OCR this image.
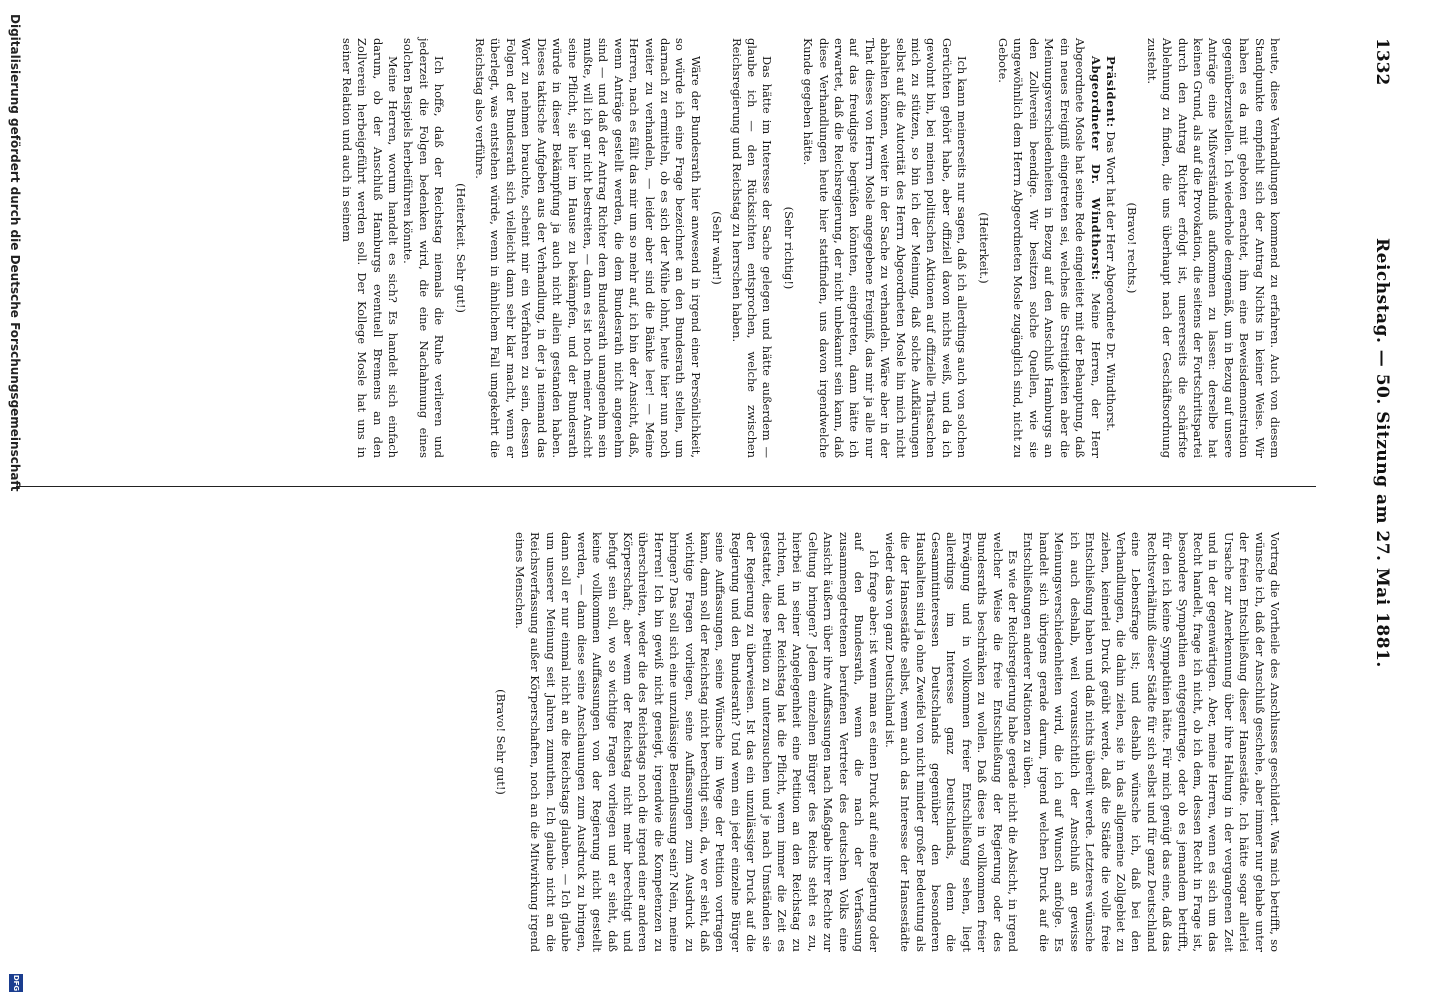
1332
Reichstag. — 50. Sitzung am 27. Mai 1881.

heute, diese Verhandlungen kommend zu erfahren. Auch von diesem Standpunkte empfiehlt sich der Antrag Nichts in keiner Weise. Wir haben es da mit geboten erachtet, ihm eine Beweisdemonstration gegenüberzustellen. Ich wiederhole demgemäß, um in Bezug auf unsere Anträge eine Mißverständniß aufkommen zu lassen: derselbe hat keinen Grund, als auf die Provokation, die seitens der Fortschrittspartei durch den Antrag Richter erfolgt ist, unsererseits die schärfste Ablehnung zu finden, die uns überhaupt nach der Geschäftsordnung zusteht.

(Bravo! rechts.)

Präsident: Das Wort hat der Herr Abgeordnete Dr. Windthorst.

Abgeordneter Dr. Windthorst: Meine Herren, der Herr Abgeordnete Mosle hat seine Rede eingeleitet mit der Behauptung, daß ein neues Ereigniß eingetreten sei, welches die Streitigkeiten aber die Meinungsverschiedenheiten in Bezug auf den Anschluß Hamburgs an den Zollverein beendige. Wir besitzen solche Quellen, wie sie ungewöhnlich dem Herrn Abgeordneten Mosle zugänglich sind, nicht zu Gebote.

(Heiterkeit.)

Ich kann meinerseits nur sagen, daß ich allerdings auch von solchen Gerüchten gehört habe, aber offiziell davon nichts weiß, und da ich gewohnt bin, bei meinen politischen Aktionen auf offizielle Thatsachen mich zu stützen, so bin ich der Meinung, daß solche Aufklärungen selbst auf die Autorität des Herrn Abgeordneten Mosle hin mich nicht abhalten können, weiter in der Sache zu verhandeln. Wäre aber in der That dieses von Herrn Mosle angegebene Ereigniß, das mir ja alle nur auf das freudigste begrüßen könnten, eingetreten, dann hätte ich erwartet, daß die Reichsregierung, der nicht unbekannt sein kann, daß diese Verhandlungen heute hier stattfinden, uns davon irgendwelche Kunde gegeben hätte.

(Sehr richtig!)

Das hätte im Interesse der Sache gelegen und hätte außerdem — glaube ich — den Rücksichten entsprochen, welche zwischen Reichsregierung und Reichstag zu herrschen haben.

(Sehr wahr!)

Wäre der Bundesrath hier anwesend in irgend einer Persönlichkeit, so würde ich eine Frage bezeichnet an den Bundesrath stellen, um darnach zu ermitteln, ob es sich der Mühe lohnt, heute hier nun noch weiter zu verhandeln, — leider aber sind die Bänke leer! — Meine Herren, nach es fällt das mir um so mehr auf, ich bin der Ansicht, daß, wenn Anträge gestellt werden, die dem Bundesrath nicht angenehm sind — und daß der Antrag Richter dem Bundesrath unangenehm sein mußte, will ich gar nicht bestreiten, — dann es ist noch meiner Ansicht seine Pflicht, sie hier im Hause zu bekämpfen, und der Bundesrath würde in dieser Bekämpfung ja auch nicht allein gestanden haben. Dieses taktische Aufgeben aus der Verhandlung, in der ja niemand das Wort zu nehmen brauchte, scheint mir ein Verfahren zu sein, dessen Folgen der Bundesrath sich vielleicht dann sehr klar macht, wenn er überlegt, was entstehen würde, wenn in ähnlichem Fall umgekehrt die Reichstag also verführe.

(Heiterkeit. Sehr gut!)

Ich hoffe, daß der Reichstag niemals die Ruhe verlieren und jederzeit die Folgen bedenken wird, die eine Nachahmung eines solchen Beispiels herbeiführen könnte.

Meine Herren, worum handelt es sich? Es handelt sich einfach darum, ob der Anschluß Hamburgs eventuell Bremens an den Zollverein herbeigeführt werden soll. Der Kollege Mosle hat uns in seiner Relation und auch in seinem

Vortrag die Vortheile des Anschlusses geschildert. Was mich betrifft, so wünsche ich, daß der Anschluß geschehe, aber immer nur gehabe unter der freien Entschließung dieser Hansestädte. Ich hätte sogar allerlei Ursache zur Anerkennung über ihre Haltung in der vergangenen Zeit und in der gegenwärtigen. Aber, meine Herren, wenn es sich um das Recht handelt, frage ich nicht, ob ich dem, dessen Recht in Frage ist, besondere Sympathien entgegentrage, oder ob es jemandem betrifft, für den ich keine Sympathien hätte. Für mich genügt das eine, daß das Rechtsverhältniß dieser Städte für sich selbst und für ganz Deutschland eine Lebensfrage ist; und deshalb wünsche ich, daß bei den Verhandlungen, die dahin zielen, sie in das allgemeine Zollgebiet zu ziehen, keinerlei Druck geübt werde, daß die Städte die volle freie Entschließung haben und daß nichts übereilt werde. Letzteres wünsche ich auch deshalb, weil voraussichtlich der Anschluß an gewisse Meinungsverschiedenheiten wird, die ich auf Wunsch anfolge. Es handelt sich übrigens gerade darum, irgend welchen Druck auf die Entschließungen anderer Nationen zu üben.

Es wie der Reichsregierung habe gerade nicht die Absicht, in irgend welcher Weise die freie Entschließung der Regierung oder des Bundesraths beschränken zu wollen. Daß diese in vollkommen freier Erwägung und in vollkommen freier Entschließung sehen, liegt allerdings im Interesse ganz Deutschlands, denn die Gesammtinteressen Deutschlands gegenüber den besonderen Haushalten sind ja ohne Zweifel von nicht minder großer Bedeutung als die der Hansestädte selbst, wenn auch das Interesse der Hansestädte wieder das von ganz Deutschland ist.

Ich frage aber: ist wenn man es einen Druck auf eine Regierung oder auf den Bundesrath, wenn die nach der Verfassung zusammengetretenen berufenen Vertreter des deutschen Volks eine Ansicht äußern über ihre Auffassungen nach Maßgabe ihrer Rechte zur Geltung bringen? Jedem einzelnen Bürger des Reichs steht es zu, hierbei in seiner Angelegenheit eine Petition an den Reichstag zu richten, und der Reichstag hat die Pflicht, wenn immer die Zeit es gestattet, diese Petition zu unterzusuchen und je nach Umständen sie der Regierung zu überweisen. Ist das ein unzulässiger Druck auf die Regierung und den Bundesrath? Und wenn ein jeder einzelne Bürger seine Auffassungen, seine Wünsche im Wege der Petition vortragen kann, dann soll der Reichstag nicht berechtigt sein, da, wo er sieht, daß wichtige Fragen vorliegen, seine Auffassungen zum Ausdruck zu bringen? Das soll sich eine unzulässige Beeinflussung sein? Nein, meine Herren! Ich bin gewiß nicht geneigt, irgendwie die Kompetenzen zu überschreiten, weder die des Reichstags noch die irgend einer anderen Körperschaft; aber wenn der Reichstag nicht mehr berechtigt und befugt sein soll, wo so wichtige Fragen vorliegen und er sieht, daß keine vollkommen Auffassungen von der Regierung nicht gestellt werden, — dann diese seine Anschauungen zum Ausdruck zu bringen, dann soll er nur einmal nicht an die Reichstags glauben. — Ich glaube um unserer Meinung seit Jahren zumuthen. Ich glaube nicht an die Reichsverfassung außer Körperschaften, noch an die Mitwirkung irgend eines Menschen.

(Bravo! Sehr gut!)

Digitalisierung gefördert durch die Deutsche Forschungsgemeinschaft
DFG
